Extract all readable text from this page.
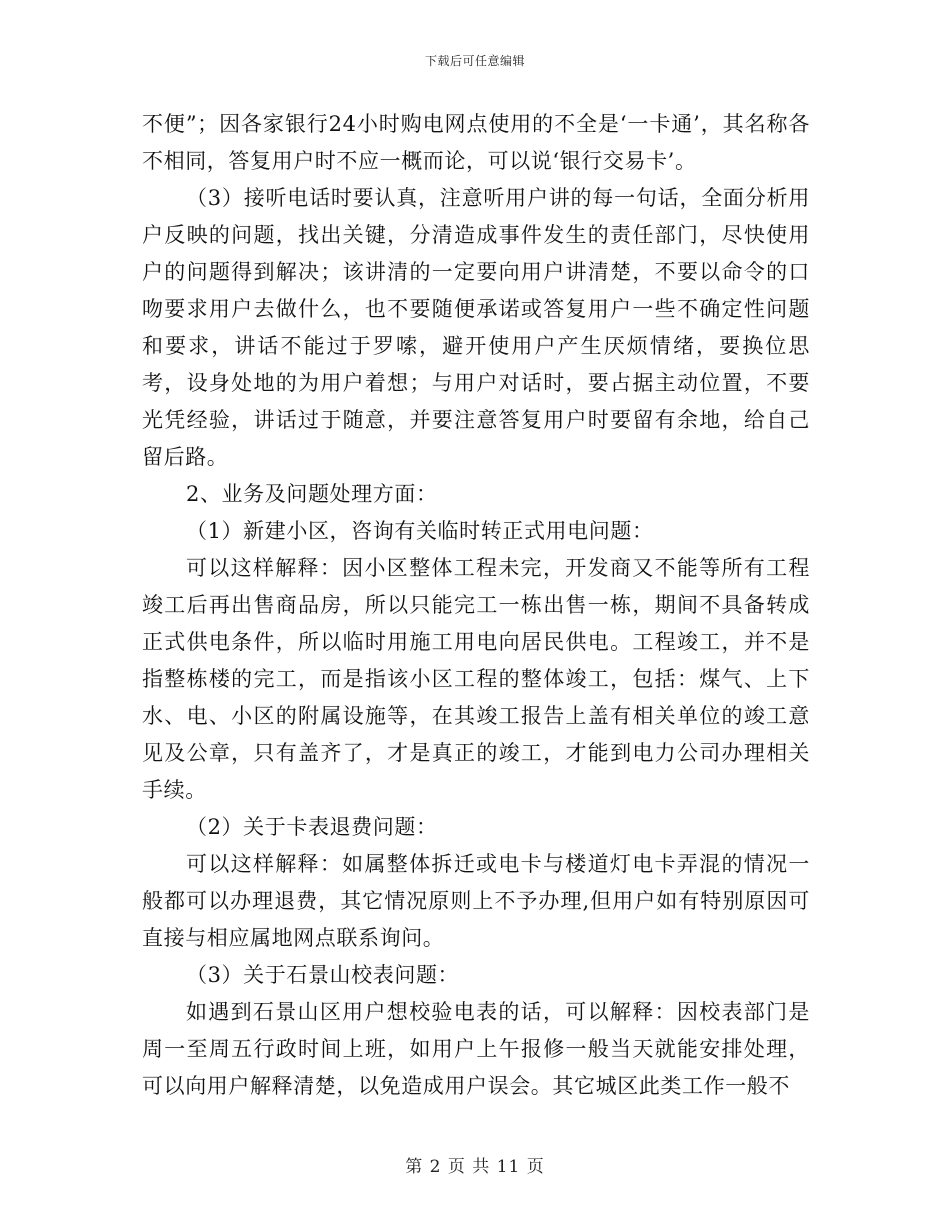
下载后可任意编辑

不便”；因各家银行24小时购电网点使用的不全是‘一卡通’，其名称各不相同，答复用户时不应一概而论，可以说‘银行交易卡’。

（3）接听电话时要认真，注意听用户讲的每一句话，全面分析用户反映的问题，找出关键，分清造成事件发生的责任部门，尽快使用户的问题得到解决；该讲清的一定要向用户讲清楚，不要以命令的口吻要求用户去做什么，也不要随便承诺或答复用户一些不确定性问题和要求，讲话不能过于罗嗦，避开使用户产生厌烦情绪，要换位思考，设身处地的为用户着想；与用户对话时，要占据主动位置，不要光凭经验，讲话过于随意，并要注意答复用户时要留有余地，给自己留后路。

2、业务及问题处理方面：

（1）新建小区，咨询有关临时转正式用电问题：

可以这样解释：因小区整体工程未完，开发商又不能等所有工程竣工后再出售商品房，所以只能完工一栋出售一栋，期间不具备转成正式供电条件，所以临时用施工用电向居民供电。工程竣工，并不是指整栋楼的完工，而是指该小区工程的整体竣工，包括：煤气、上下水、电、小区的附属设施等，在其竣工报告上盖有相关单位的竣工意见及公章，只有盖齐了，才是真正的竣工，才能到电力公司办理相关手续。

（2）关于卡表退费问题：

可以这样解释：如属整体拆迁或电卡与楼道灯电卡弄混的情况一般都可以办理退费，其它情况原则上不予办理,但用户如有特别原因可直接与相应属地网点联系询问。

（3）关于石景山校表问题：

如遇到石景山区用户想校验电表的话，可以解释：因校表部门是周一至周五行政时间上班，如用户上午报修一般当天就能安排处理，可以向用户解释清楚，以免造成用户误会。其它城区此类工作一般不

第 2 页 共 11 页
